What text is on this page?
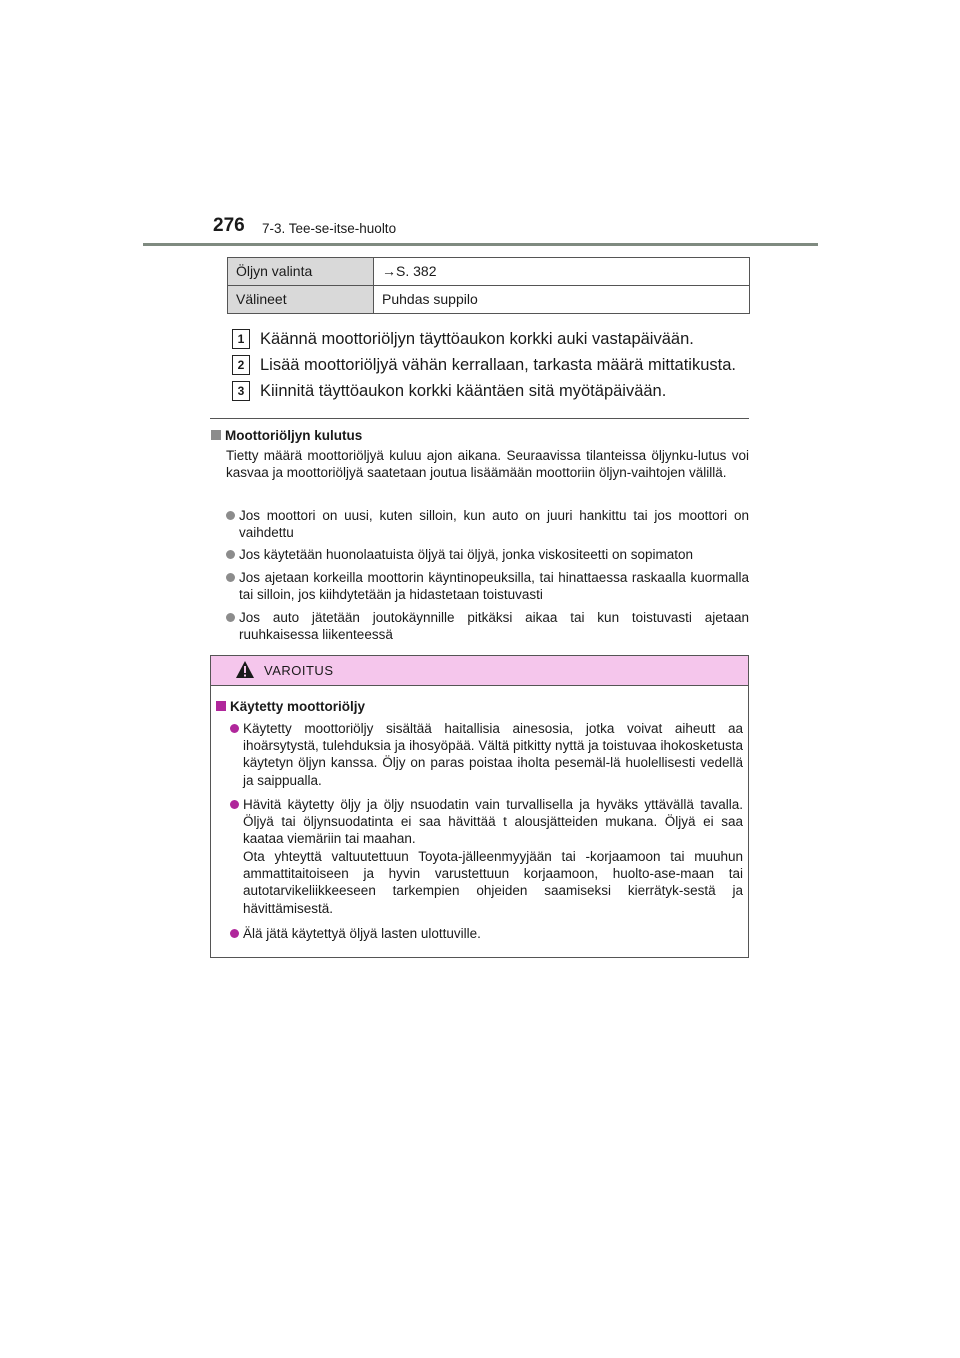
276 7-3. Tee-se-itse-huolto
Öljyn valinta	→S. 382
Välineet	Puhdas suppilo
1 Käännä moottoriöljyn täyttöaukon korkki auki vastapäivään.
2 Lisää moottoriöljyä vähän kerrallaan, tarkasta määrä mittatikusta.
3 Kiinnitä täyttöaukon korkki kääntäen sitä myötäpäivään.
Moottoriöljyn kulutus
Tietty määrä moottoriöljyä kuluu ajon aikana. Seuraavissa tilanteissa öljynku-lutus voi kasvaa ja moottoriöljyä saatetaan joutua lisäämään moottoriin öljyn-vaihtojen välillä.
Jos moottori on uusi, kuten silloin, kun auto on juuri hankittu tai jos moottori on vaihdettu
Jos käytetään huonolaatuista öljyä tai öljyä, jonka viskositeetti on sopimaton
Jos ajetaan korkeilla moottorin käyntinopeuksilla, tai hinattaessa raskaalla kuormalla tai silloin, jos kiihdytetään ja hidastetaan toistuvasti
Jos auto jätetään joutokäynnille pitkäksi aikaa tai kun toistuvasti ajetaan ruuhkaisessa liikenteessä
VAROITUS
Käytetty moottoriöljy
Käytetty moottoriöljy sisältää haitallisia ainesosia, jotka voivat aiheutt aa ihoärsytystä, tulehduksia ja ihosyöpää. Vältä pitkitty nyttä ja toistuvaa ihokosketusta käytetyn öljyn kanssa. Öljy on paras poistaa iholta pesemäl-lä huolellisesti vedellä ja saippualla.
Hävitä käytetty öljy ja öljy nsuodatin vain turvallisella ja hyväks yttävällä tavalla. Öljyä tai öljynsuodatinta ei saa hävittää t alousjätteiden mukana. Öljyä ei saa kaataa viemäriin tai maahan.
Ota yhteyttä valtuutettuun Toyota-jälleenmyyjään tai -korjaamoon tai muuhun ammattitaitoiseen ja hyvin varustettuun korjaamoon, huolto-ase-maan tai autotarvikeliikkeeseen tarkempien ohjeiden saamiseksi kierrätyk-sestä ja hävittämisestä.
Älä jätä käytettyä öljyä lasten ulottuville.
